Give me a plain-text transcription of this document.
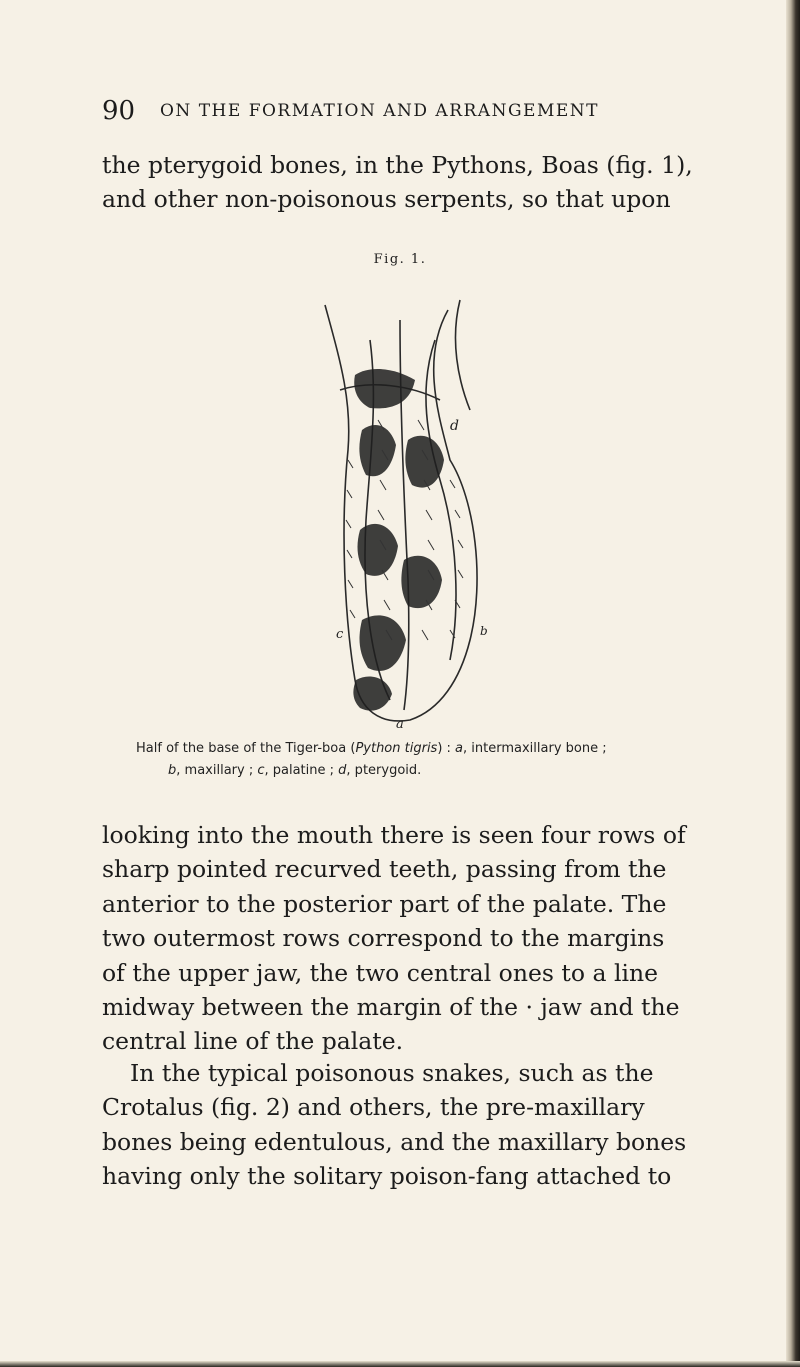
90 ON THE FORMATION AND ARRANGEMENT
the pterygoid bones, in the Pythons, Boas (fig. 1),
and other non-poisonous serpents, so that upon
Fig. 1.
d
b
c
a
Half of the base of the Tiger-boa (Python tigris) : a, intermaxillary bone ;
b, maxillary ; c, palatine ; d, pterygoid.
looking into the mouth there is seen four rows of
sharp pointed recurved teeth, passing from the
anterior to the posterior part of the palate. The
two outermost rows correspond to the margins
of the upper jaw, the two central ones to a line
midway between the margin of the · jaw and the
central line of the palate.
In the typical poisonous snakes, such as the
Crotalus (fig. 2) and others, the pre-maxillary
bones being edentulous, and the maxillary bones
having only the solitary poison-fang attached to
